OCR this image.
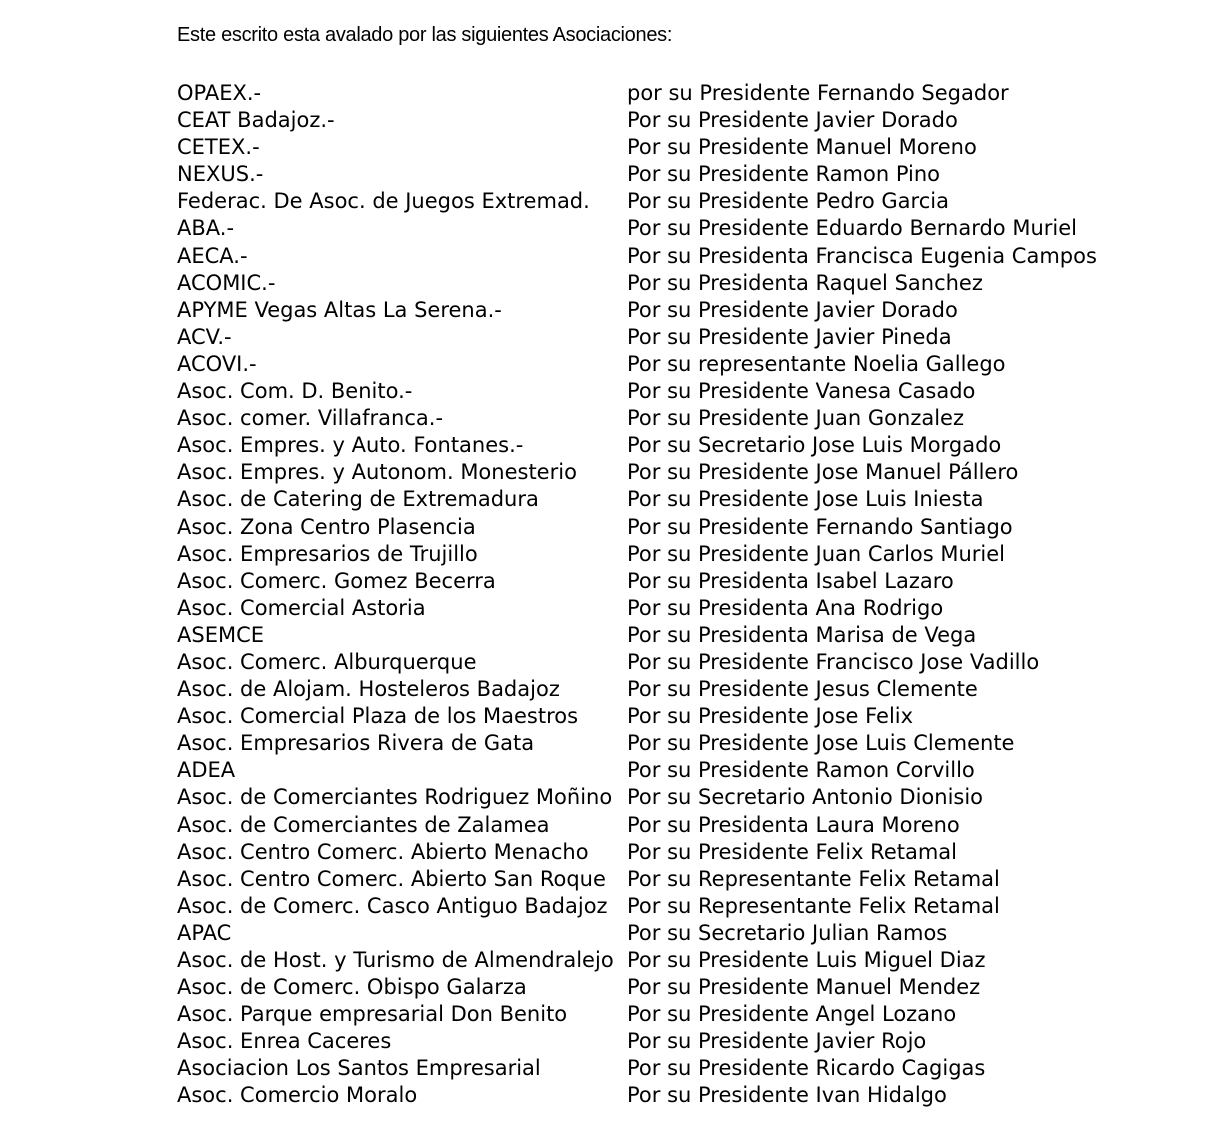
Este escrito esta avalado por las siguientes Asociaciones:
OPAEX.-	por su Presidente Fernando Segador
CEAT Badajoz.-	Por su Presidente Javier Dorado
CETEX.-	Por su Presidente Manuel Moreno
NEXUS.-	Por su Presidente Ramon Pino
Federac. De Asoc. de Juegos Extremad. Por su Presidente Pedro Garcia
ABA.-	Por su Presidente Eduardo Bernardo Muriel
AECA.-	Por su Presidenta Francisca Eugenia Campos
ACOMIC.-	Por su Presidenta Raquel Sanchez
APYME Vegas Altas La Serena.-	Por su Presidente Javier Dorado
ACV.-	Por su Presidente Javier Pineda
ACOVI.-	Por su representante Noelia Gallego
Asoc. Com. D. Benito.-	Por su Presidente Vanesa Casado
Asoc. comer. Villafranca.-	Por su Presidente Juan Gonzalez
Asoc. Empres. y Auto. Fontanes.-	Por su Secretario Jose Luis Morgado
Asoc. Empres. y Autonom. Monesterio Por su Presidente Jose Manuel Pállero
Asoc. de Catering de Extremadura	Por su Presidente Jose Luis Iniesta
Asoc. Zona Centro Plasencia	Por su Presidente Fernando Santiago
Asoc. Empresarios de Trujillo	Por su Presidente Juan Carlos Muriel
Asoc. Comerc. Gomez Becerra	Por su Presidenta Isabel Lazaro
Asoc. Comercial Astoria	Por su Presidenta Ana Rodrigo
ASEMCE	Por su Presidenta Marisa de Vega
Asoc. Comerc. Alburquerque	Por su Presidente Francisco Jose Vadillo
Asoc. de Alojam. Hosteleros Badajoz	Por su Presidente Jesus Clemente
Asoc. Comercial Plaza de los Maestros Por su Presidente Jose Felix
Asoc. Empresarios Rivera de Gata	Por su Presidente Jose Luis Clemente
ADEA	Por su Presidente Ramon Corvillo
Asoc. de Comerciantes Rodriguez Moñino Por su Secretario Antonio Dionisio
Asoc. de Comerciantes de Zalamea	Por su Presidenta Laura Moreno
Asoc. Centro Comerc. Abierto Menacho Por su Presidente Felix Retamal
Asoc. Centro Comerc. Abierto San Roque Por su Representante Felix Retamal
Asoc. de Comerc. Casco Antiguo Badajoz Por su Representante Felix Retamal
APAC	Por su Secretario Julian Ramos
Asoc. de Host. y Turismo de Almendralejo Por su Presidente Luis Miguel Diaz
Asoc. de Comerc. Obispo Galarza	Por su Presidente Manuel Mendez
Asoc. Parque empresarial Don Benito	Por su Presidente Angel Lozano
Asoc. Enrea Caceres	Por su Presidente Javier Rojo
Asociacion Los Santos Empresarial	Por su Presidente Ricardo Cagigas
Asoc. Comercio Moralo	Por su Presidente Ivan Hidalgo
